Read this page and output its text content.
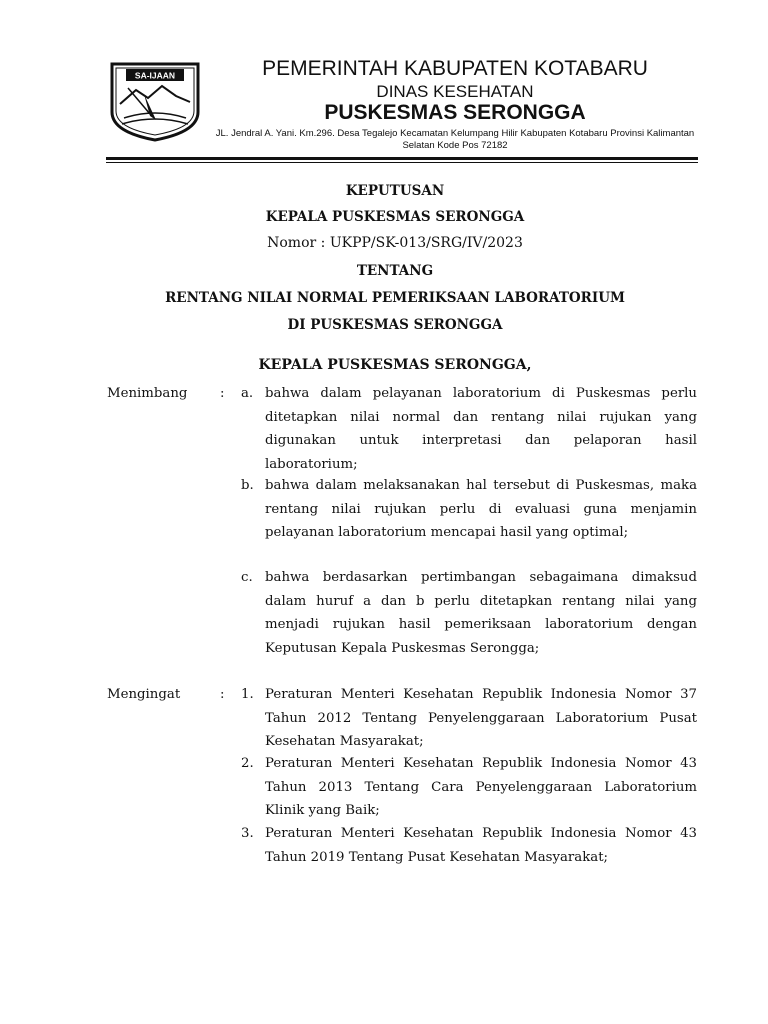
SA-IJAAN	PEMERINTAH KABUPATEN KOTABARU
DINAS KESEHATAN
PUSKESMAS SERONGGA
JL. Jendral A. Yani. Km.296. Desa Tegalejo Kecamatan Kelumpang Hilir Kabupaten Kotabaru Provinsi Kalimantan Selatan Kode Pos 72182
KEPUTUSAN
KEPALA PUSKESMAS SERONGGA
Nomor : UKPP/SK-013/SRG/IV/2023
TENTANG
RENTANG NILAI NORMAL PEMERIKSAAN LABORATORIUM
DI PUSKESMAS SERONGGA
KEPALA PUSKESMAS SERONGGA,
Menimbang : a. bahwa dalam pelayanan laboratorium di Puskesmas perlu ditetapkan nilai normal dan rentang nilai rujukan yang digunakan untuk interpretasi dan pelaporan hasil laboratorium;
b. bahwa dalam melaksanakan hal tersebut di Puskesmas, maka rentang nilai rujukan perlu di evaluasi guna menjamin pelayanan laboratorium mencapai hasil yang optimal;
c. bahwa berdasarkan pertimbangan sebagaimana dimaksud dalam huruf a dan b perlu ditetapkan rentang nilai yang menjadi rujukan hasil pemeriksaan laboratorium dengan Keputusan Kepala Puskesmas Serongga;
Mengingat	: 1. Peraturan Menteri Kesehatan Republik Indonesia Nomor 37 Tahun 2012 Tentang Penyelenggaraan Laboratorium Pusat Kesehatan Masyarakat;
2. Peraturan Menteri Kesehatan Republik Indonesia Nomor 43 Tahun 2013 Tentang Cara Penyelenggaraan Laboratorium Klinik yang Baik;
3. Peraturan Menteri Kesehatan Republik Indonesia Nomor 43 Tahun 2019 Tentang Pusat Kesehatan Masyarakat;
